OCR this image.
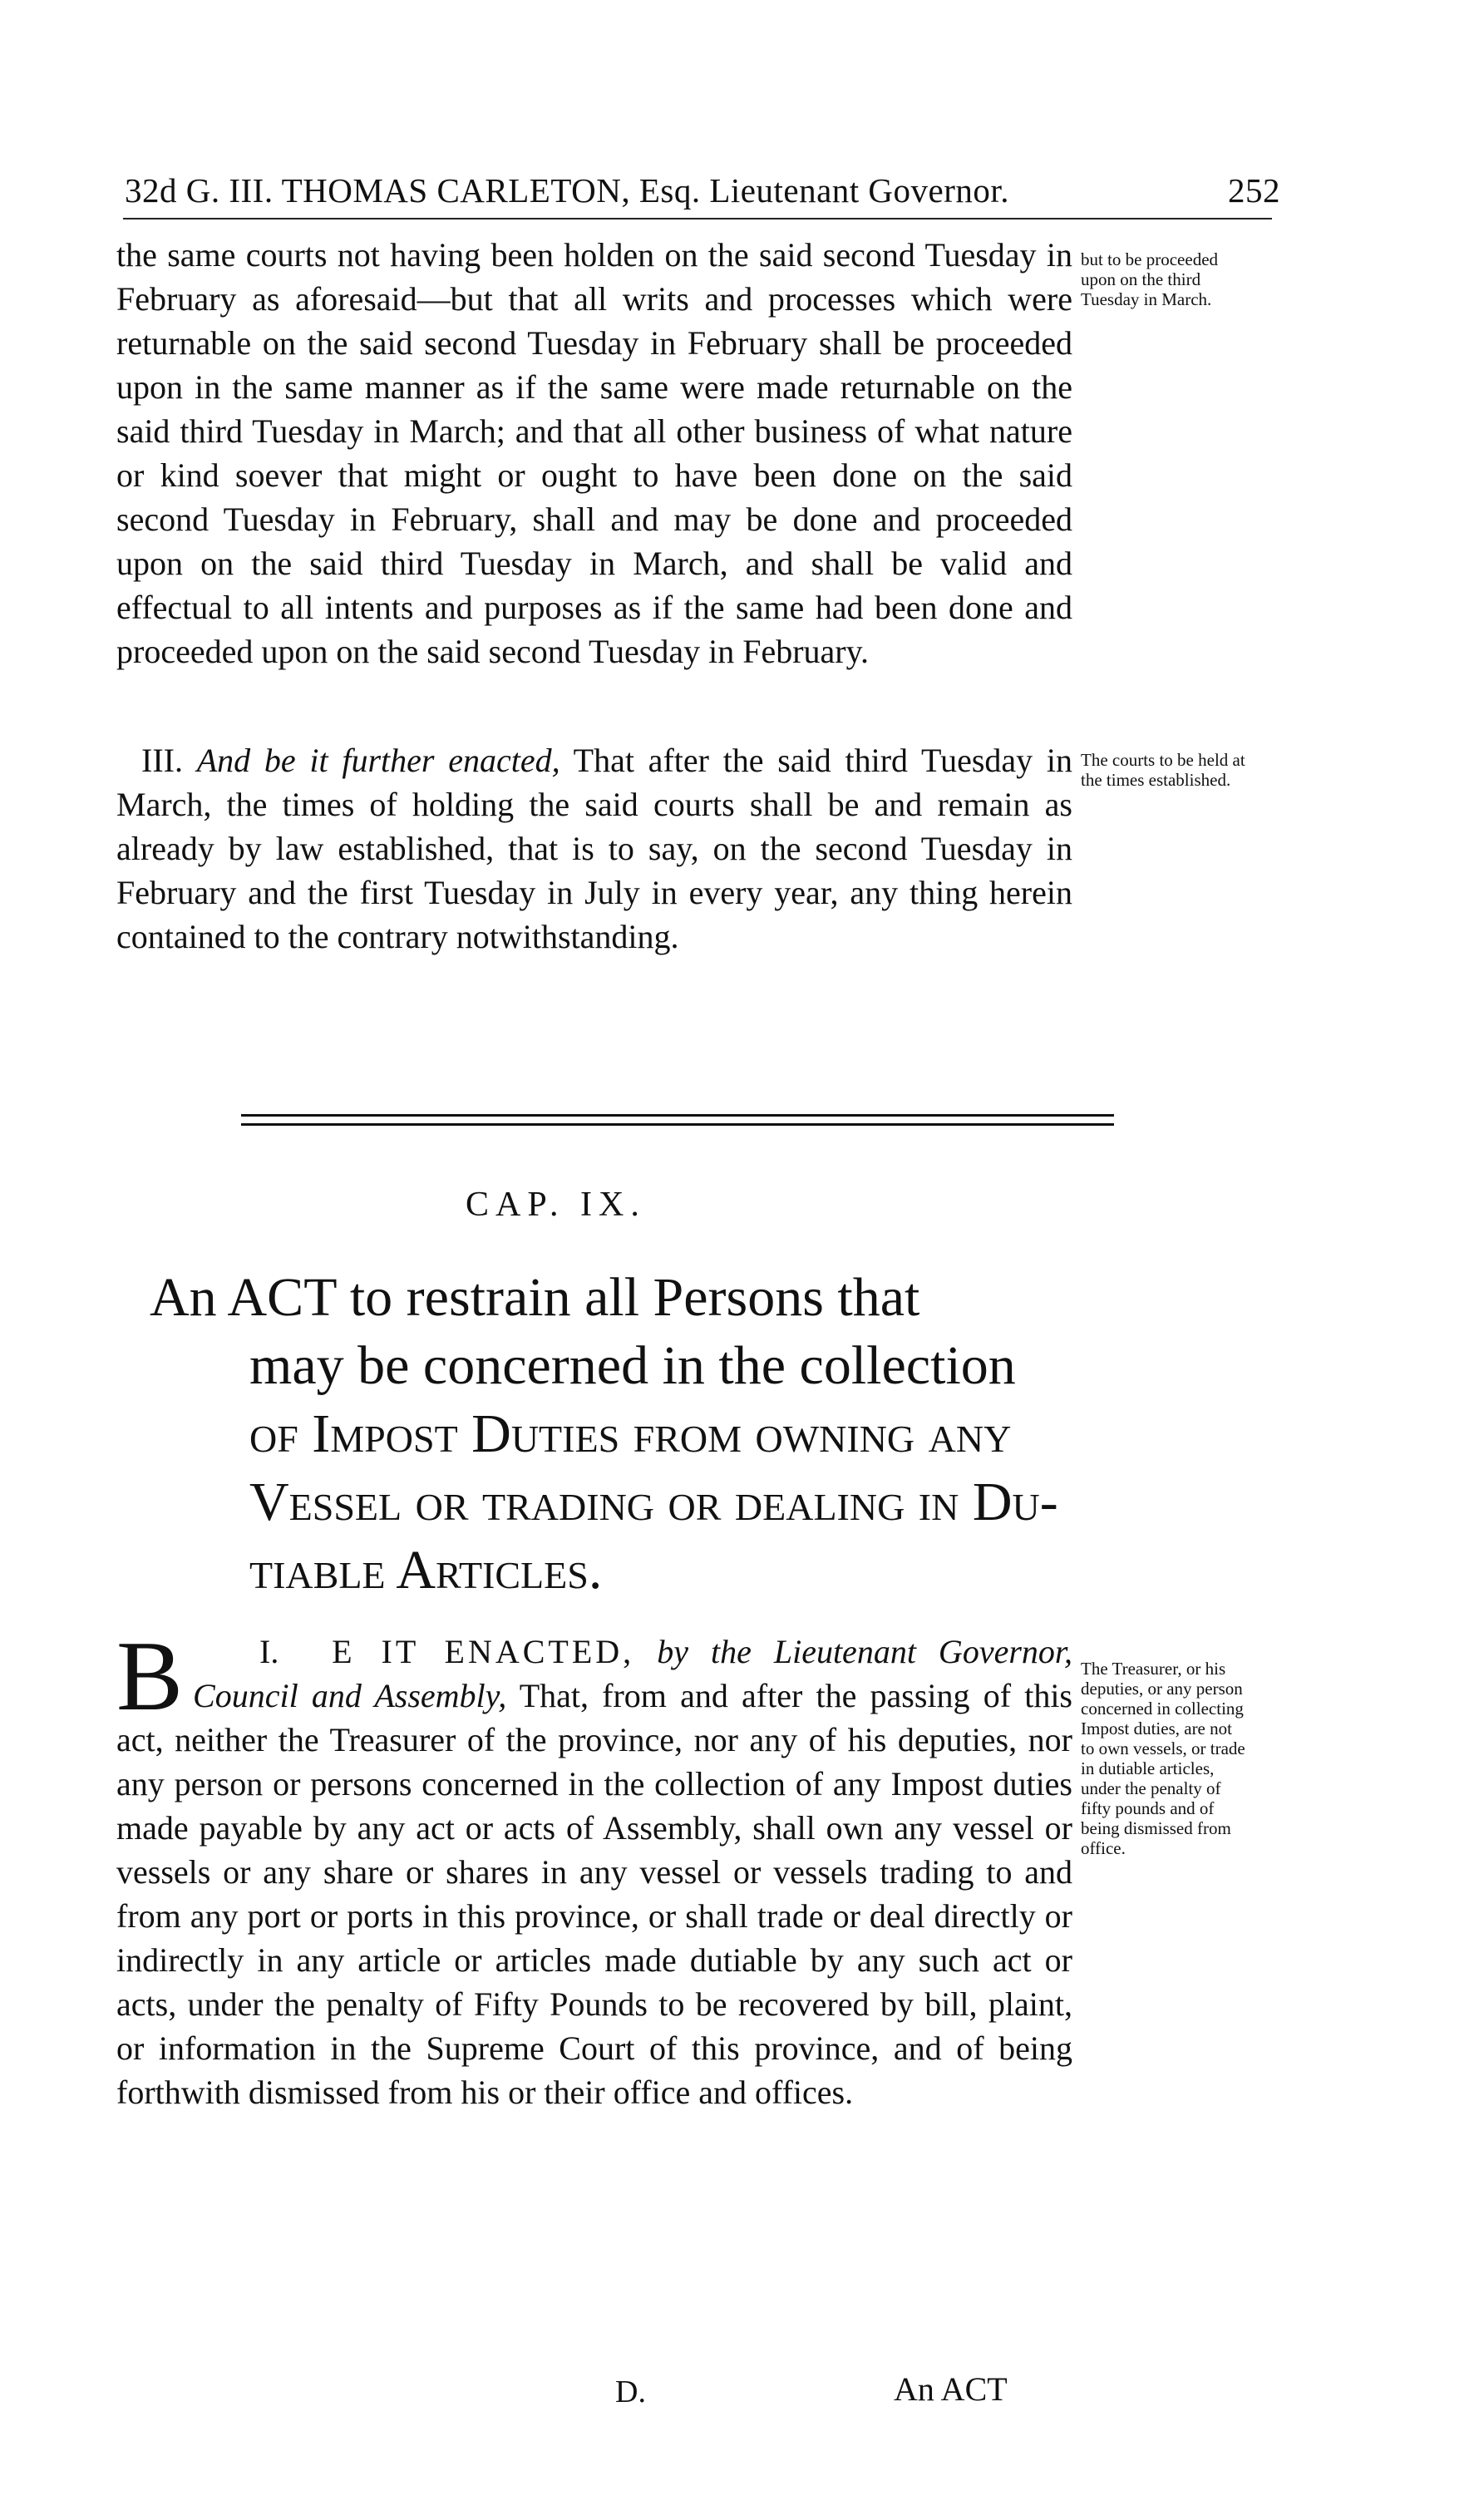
32d G. III. THOMAS CARLETON, Esq. Lieutenant Governor.	252

the same courts not having been holden on the said second Tuesday in February as aforesaid—but that all writs and processes which were returnable on the said second Tuesday in February shall be proceeded upon in the same manner as if the same were made returnable on the said third Tuesday in March; and that all other business of what nature or kind soever that might or ought to have been done on the said second Tuesday in February, shall and may be done and proceeded upon on the said third Tuesday in March, and shall be valid and effectual to all intents and purposes as if the same had been done and proceeded upon on the said second Tuesday in February.

but to be proceeded upon on the third Tuesday in March.

III. And be it further enacted, That after the said third Tuesday in March, the times of holding the said courts shall be and remain as already by law established, that is to say, on the second Tuesday in February and the first Tuesday in July in every year, any thing herein contained to the contrary notwithstanding.

The courts to be held at the times established.
CAP. IX.
An ACT to restrain all Persons that
may be concerned in the collection
of Impost Duties from owning any
Vessel or trading or dealing in Du-
tiable Articles.
I.
B	E IT ENACTED, by the Lieutenant Governor, Council and Assembly, That, from and after the passing of this act, neither the Treasurer of the province, nor any of his deputies, nor any person or persons concerned in the collection of any Impost duties made payable by any act or acts of Assembly, shall own any vessel or vessels or any share or shares in any vessel or vessels trading to and from any port or ports in this province, or shall trade or deal directly or indirectly in any article or articles made dutiable by any such act or acts, under the penalty of Fifty Pounds to be recovered by bill, plaint, or information in the Supreme Court of this province, and of being forthwith dismissed from his or their office and offices.
The Treasurer, or his deputies, or any person concerned in collecting Impost duties, are not to own vessels, or trade in dutiable articles, under the penalty of fifty pounds and of being dismissed from office.
D.	An ACT
